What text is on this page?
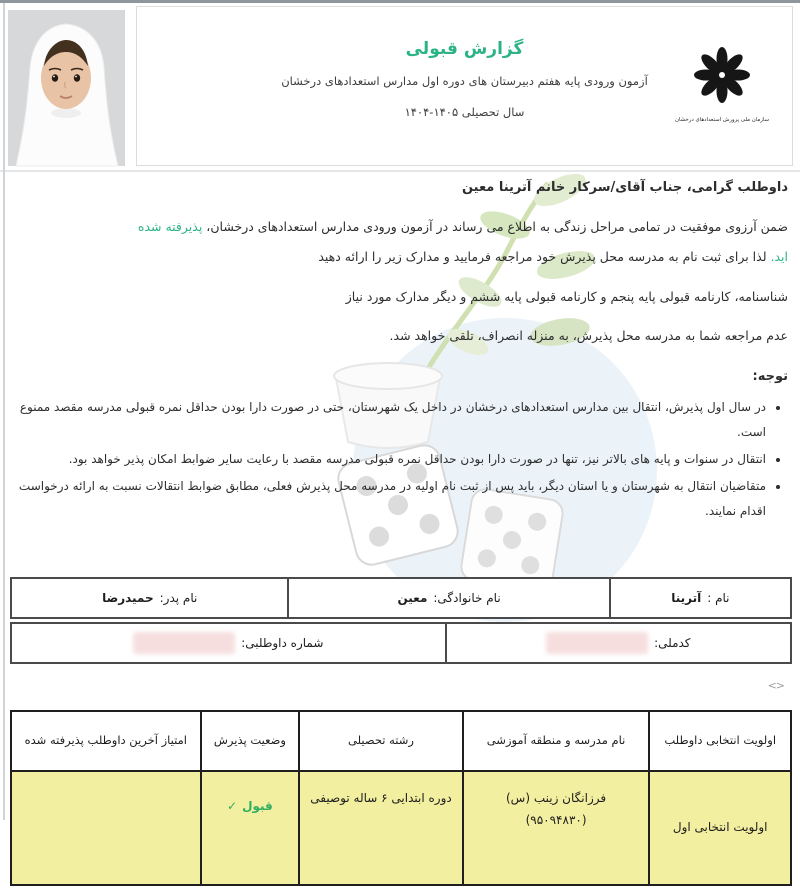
گزارش قبولی
آزمون ورودی پایه هفتم دبیرستان های دوره اول مدارس استعدادهای درخشان
سال تحصیلی ۱۴۰۵-۱۴۰۴
سازمان ملی پرورش استعدادهای درخشان
داوطلب گرامی، جناب آقای/سرکار خانم آترینا معین
ضمن آرزوی موفقیت در تمامی مراحل زندگی به اطلاع می رساند در آزمون ورودی مدارس استعدادهای درخشان، پذیرفته شده
اید. لذا برای ثبت نام به مدرسه محل پذیرش خود مراجعه فرمایید و مدارک زیر را ارائه دهید
شناسنامه، کارنامه قبولی پایه پنجم و کارنامه قبولی پایه ششم و دیگر مدارک مورد نیاز
عدم مراجعه شما به مدرسه محل پذیرش، به منزله انصراف، تلقی خواهد شد.
توجه:
• در سال اول پذیرش، انتقال بین مدارس استعدادهای درخشان در داخل یک شهرستان، حتی در صورت دارا بودن حداقل نمره قبولی مدرسه مقصد ممنوع است.
• انتقال در سنوات و پایه های بالاتر نیز، تنها در صورت دارا بودن حداقل نمره قبولی مدرسه مقصد با رعایت سایر ضوابط امکان پذیر خواهد بود.
• متقاضیان انتقال به شهرستان و یا استان دیگر، باید پس از ثبت نام اولیه در مدرسه محل پذیرش فعلی، مطابق ضوابط انتقالات نسبت به ارائه درخواست اقدام نمایند.
نام :
آترینا
نام خانوادگی:
معین
نام پدر:
حمیدرضا
کدملی:
شماره داوطلبی:
<>
اولویت انتخابی داوطلب
نام مدرسه و منطقه آموزشی
رشته تحصیلی
وضعیت پذیرش
امتیاز آخرین داوطلب پذیرفته شده
اولویت انتخابی اول
فرزانگان زینب (س)
(۹۵۰۹۴۸۳۰)
دوره ابتدایی ۶ ساله توصیفی
✓ قبول
